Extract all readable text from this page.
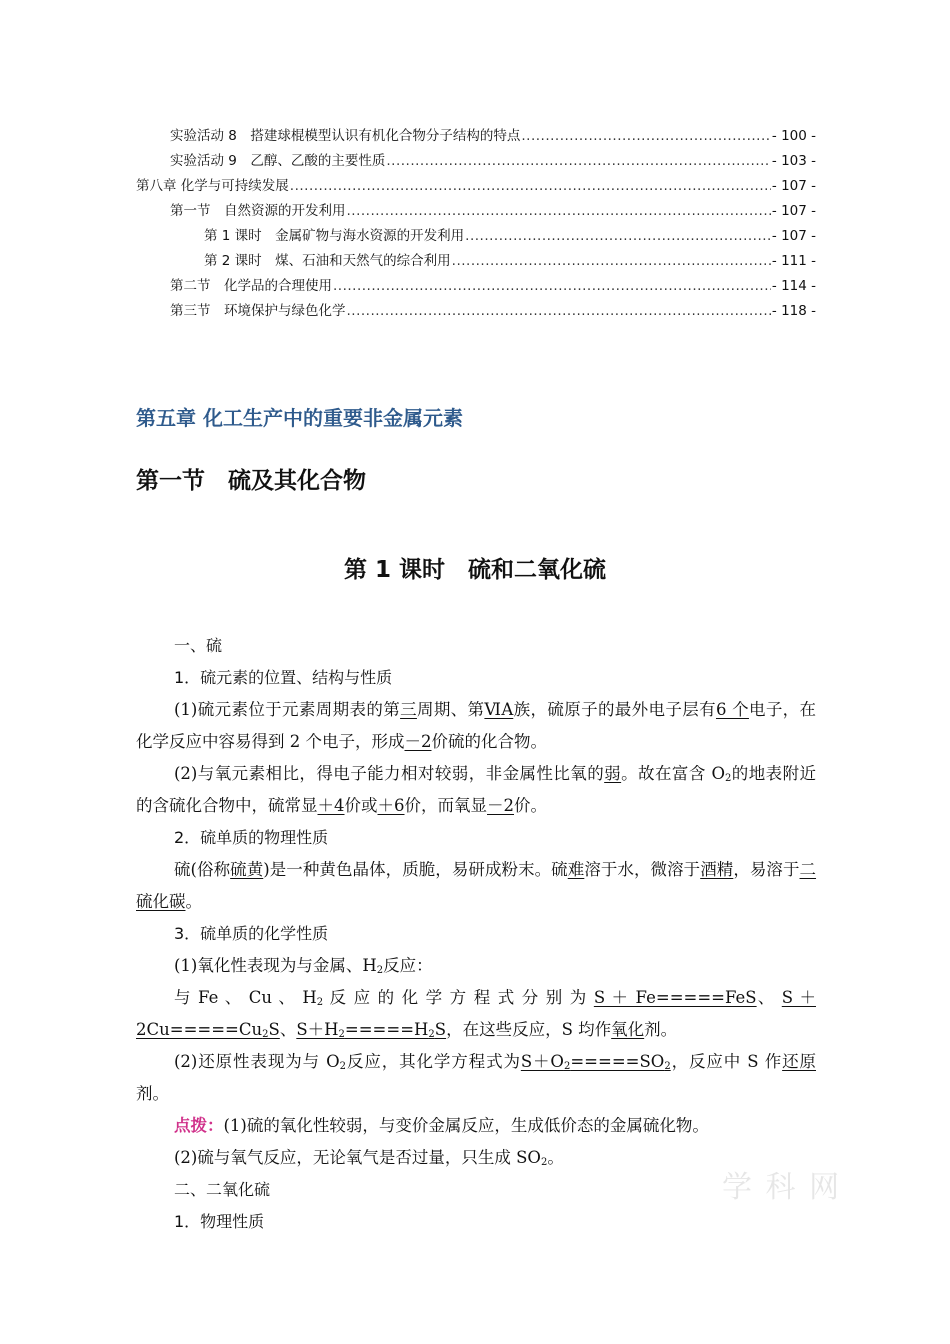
实验活动 8　搭建球棍模型认识有机化合物分子结构的特点 .....	- 100 -
实验活动 9　乙醇、乙酸的主要性质 .....	- 103 -
第八章 化学与可持续发展 .....	- 107 -
第一节　自然资源的开发利用 .....	- 107 -
第 1 课时　金属矿物与海水资源的开发利用 .....	- 107 -
第 2 课时　煤、石油和天然气的综合利用 .....	- 111 -
第二节　化学品的合理使用 .....	- 114 -
第三节　环境保护与绿色化学 .....	- 118 -
第五章 化工生产中的重要非金属元素
第一节　硫及其化合物
第 1 课时　硫和二氧化硫

一、硫

1．硫元素的位置、结构与性质

(1)硫元素位于元素周期表的第三周期、第ⅥA族，硫原子的最外电子层有6 个电子，在化学反应中容易得到 2 个电子，形成－2价硫的化合物。

(2)与氧元素相比，得电子能力相对较弱，非金属性比氧的弱。故在富含 $O_2$的地表附近的含硫化合物中，硫常显＋4价或＋6价，而氧显－2价。

2．硫单质的物理性质

硫(俗称硫黄)是一种黄色晶体，质脆，易研成粉末。硫难溶于水，微溶于酒精，易溶于二硫化碳。

3．硫单质的化学性质

(1)氧化性表现为与金属、$H_2$反应：

与 Fe 、 Cu 、 $H_2$ 反 应 的 化 学 方 程 式 分 别 为 S ＋ Fe=====FeS、 S ＋

$2Cu=====Cu_2S$、$S+H_2=====H_2S$，在这些反应，S 均作氧化剂。

(2)还原性表现为与 $O_2$反应，其化学方程式为$S+O_2=====SO_2$，反应中 S 作还原剂。

点拨：(1)硫的氧化性较弱，与变价金属反应，生成低价态的金属硫化物。

(2)硫与氧气反应，无论氧气是否过量，只生成 $SO_2$。

二、二氧化硫

1．物理性质

学 科 网
